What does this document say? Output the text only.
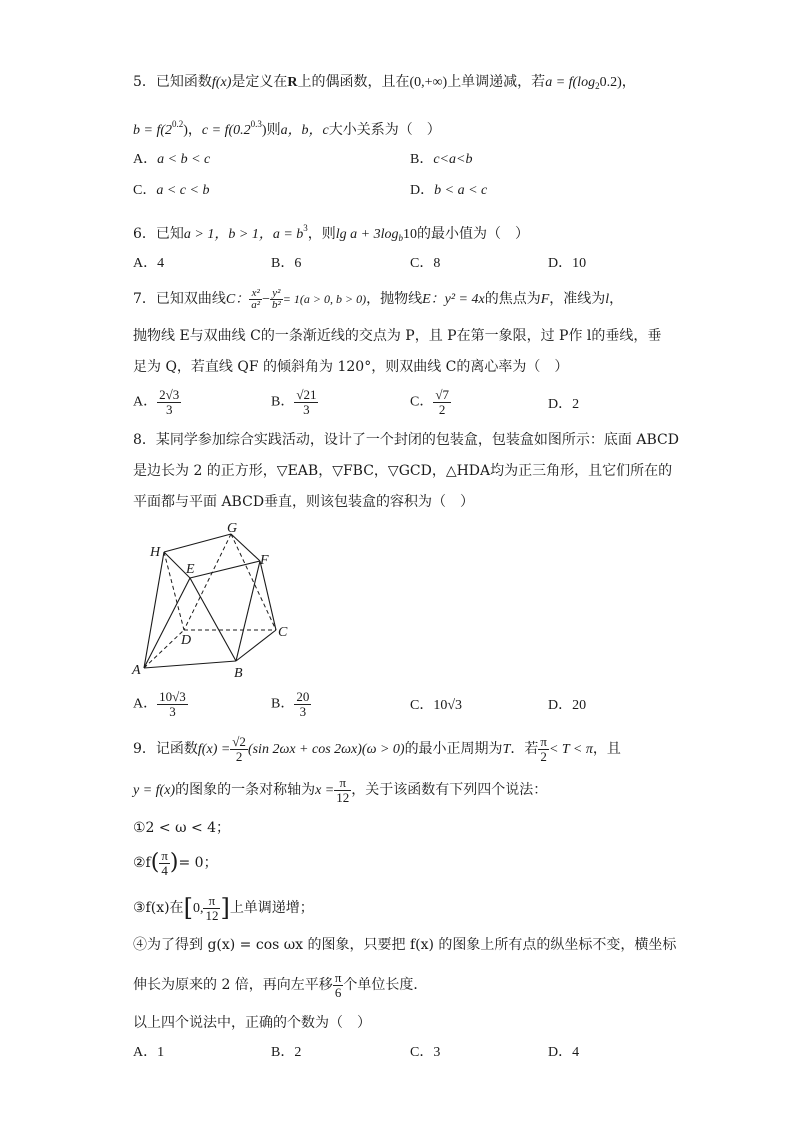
5．已知函数f(x)是定义在R上的偶函数，且在(0,+∞)上单调递减，若$a = f(\log_20.2)$，
$b = f(2^{0.2})$，$c = f(0.2^{0.3})$则a，b，c大小关系为（　）
A．a < b < c	B．c<a<b
C．a < c < b	D．b < a < c
6．已知a > 1，b > 1，$a = b^3$，则$\lg a + 3\log_b10$的最小值为（　）
A．4	B．6	C．8	D．10
7．已知双曲线C： $\frac{\text{x²}}{\text{a²}} - \frac{\text{y²}}{\text{b²}} = 1(a > 0$, b > 0)，抛物线E：y² = 4x的焦点为F，准线为l，
抛物线 E与双曲线 C的一条渐近线的交点为 P，且 P在第一象限，过 P作 l的垂线，垂
足为 Q，若直线 QF 的倾斜角为 120°，则双曲线 C的离心率为（　）
A． $\frac{2√3}{3}$	B． $\frac{√21}{3}$	C． $\frac{√7}{2}$	D．2
8．某同学参加综合实践活动，设计了一个封闭的包装盒，包装盒如图所示：底面 ABCD
是边长为 2 的正方形，▽EAB，▽FBC，▽GCD，△HDA均为正三角形，且它们所在的
平面都与平面 ABCD垂直，则该包装盒的容积为（　）
G
H
F
E
D
C
A	B
A． $\frac{10√3}{3}$	B． $\frac{20}{3}$	C．10√3	D．20
9．记函数$f(x) = \frac{√2}{2} (\sin$ 2ωx + cos 2ωx)(ω > 0)的最小正周期为T．若 $\frac{\pi}{2} < T < \pi$，且
y = f(x)的图象的一条对称轴为$x = \frac{\pi}{12}$ ，关于该函数有下列四个说法：
①2 < ω < 4；
②f( $\frac{\pi}{4}$ )= 0；
③f(x)在[0, $\frac{\pi}{12}$ ]上单调递增；
④为了得到 g(x) = cos ωx 的图象，只要把 f(x) 的图象上所有点的纵坐标不变，横坐标
伸长为原来的 2 倍，再向左平移 $\frac{\pi}{6}$ 个单位长度．
以上四个说法中，正确的个数为（　）
A．1	B．2	C．3	D．4
